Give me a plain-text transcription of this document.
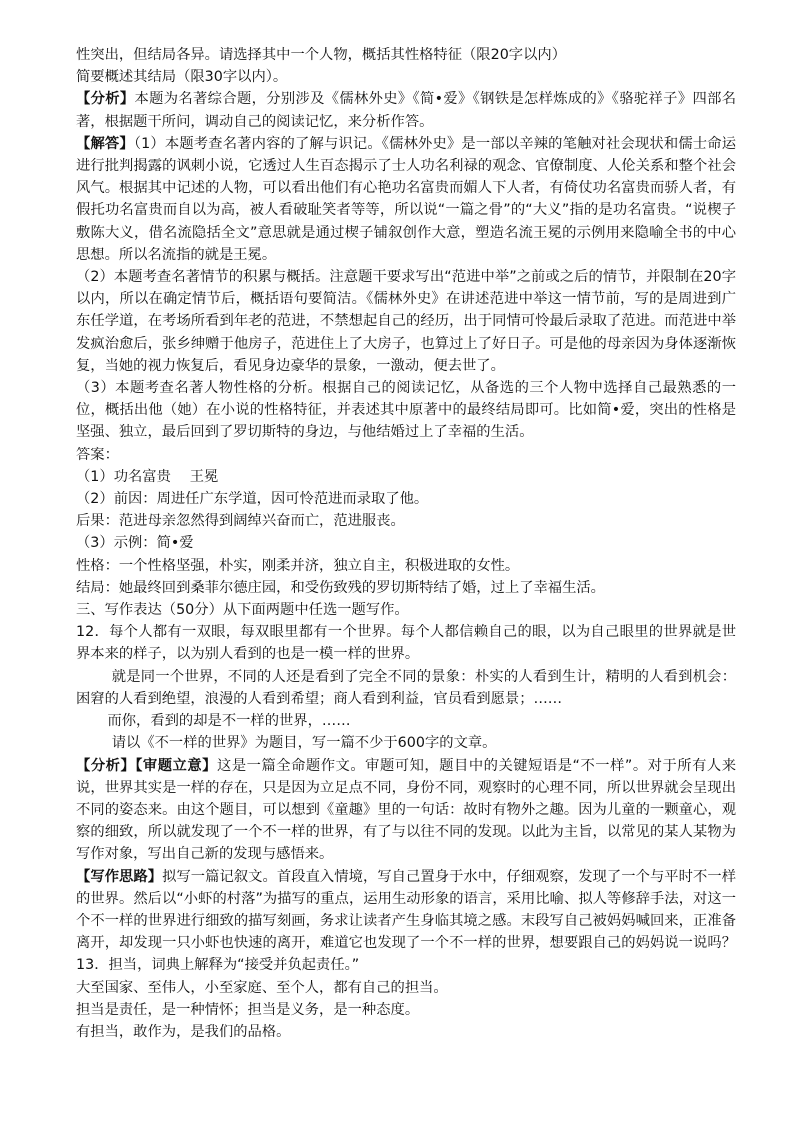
性突出，但结局各异。请选择其中一个人物，概括其性格特征（限20字以内）

简要概述其结局（限30字以内）。

【分析】本题为名著综合题，分别涉及《儒林外史》《简•爱》《钢铁是怎样炼成的》《骆驼祥子》四部名著，根据题干所问，调动自己的阅读记忆，来分析作答。

【解答】（1）本题考查名著内容的了解与识记。《儒林外史》是一部以辛辣的笔触对社会现状和儒士命运进行批判揭露的讽刺小说，它透过人生百态揭示了士人功名利禄的观念、官僚制度、人伦关系和整个社会风气。根据其中记述的人物，可以看出他们有心艳功名富贵而媚人下人者，有倚仗功名富贵而骄人者，有假托功名富贵而自以为高，被人看破耻笑者等等，所以说“一篇之骨”的“大义”指的是功名富贵。“说楔子敷陈大义，借名流隐括全文”意思就是通过楔子铺叙创作大意，塑造名流王冕的示例用来隐喻全书的中心思想。所以名流指的就是王冕。

（2）本题考查名著情节的积累与概括。注意题干要求写出“范进中举”之前或之后的情节，并限制在20字以内，所以在确定情节后，概括语句要简洁。《儒林外史》在讲述范进中举这一情节前，写的是周进到广东任学道，在考场所看到年老的范进，不禁想起自己的经历，出于同情可怜最后录取了范进。而范进中举发疯治愈后，张乡绅赠于他房子，范进住上了大房子，也算过上了好日子。可是他的母亲因为身体逐渐恢复，当她的视力恢复后，看见身边豪华的景象，一激动，便去世了。

（3）本题考查名著人物性格的分析。根据自己的阅读记忆，从备选的三个人物中选择自己最熟悉的一位，概括出他（她）在小说的性格特征，并表述其中原著中的最终结局即可。比如简•爱，突出的性格是坚强、独立，最后回到了罗切斯特的身边，与他结婚过上了幸福的生活。

答案：

（1）功名富贵　 王冕

（2）前因：周进任广东学道，因可怜范进而录取了他。

后果：范进母亲忽然得到阔绰兴奋而亡，范进服丧。

（3）示例：简•爱

性格：一个性格坚强，朴实，刚柔并济，独立自主，积极进取的女性。

结局：她最终回到桑菲尔德庄园，和受伤致残的罗切斯特结了婚，过上了幸福生活。

三、写作表达（50分）从下面两题中任选一题写作。

12．每个人都有一双眼，每双眼里都有一个世界。每个人都信赖自己的眼，以为自己眼里的世界就是世界本来的样子，以为别人看到的也是一模一样的世界。

就是同一个世界，不同的人还是看到了完全不同的景象：朴实的人看到生计，精明的人看到机会：困窘的人看到绝望，浪漫的人看到希望；商人看到利益，官员看到愿景；……

而你，看到的却是不一样的世界，……

请以《不一样的世界》为题目，写一篇不少于600字的文章。

【分析】【审题立意】这是一篇全命题作文。审题可知，题目中的关键短语是“不一样”。对于所有人来说，世界其实是一样的存在，只是因为立足点不同，身份不同，观察时的心理不同，所以世界就会呈现出不同的姿态来。由这个题目，可以想到《童趣》里的一句话：故时有物外之趣。因为儿童的一颗童心，观察的细致，所以就发现了一个不一样的世界，有了与以往不同的发现。以此为主旨，以常见的某人某物为写作对象，写出自己新的发现与感悟来。

【写作思路】拟写一篇记叙文。首段直入情境，写自己置身于水中，仔细观察，发现了一个与平时不一样的世界。然后以“小虾的村落”为描写的重点，运用生动形象的语言，采用比喻、拟人等修辞手法，对这一个不一样的世界进行细致的描写刻画，务求让读者产生身临其境之感。末段写自己被妈妈喊回来，正准备离开，却发现一只小虾也快速的离开，难道它也发现了一个不一样的世界，想要跟自己的妈妈说一说吗？13．担当，词典上解释为“接受并负起责任。”

大至国家、至伟人，小至家庭、至个人，都有自己的担当。

担当是责任，是一种情怀；担当是义务，是一种态度。

有担当，敢作为，是我们的品格。
